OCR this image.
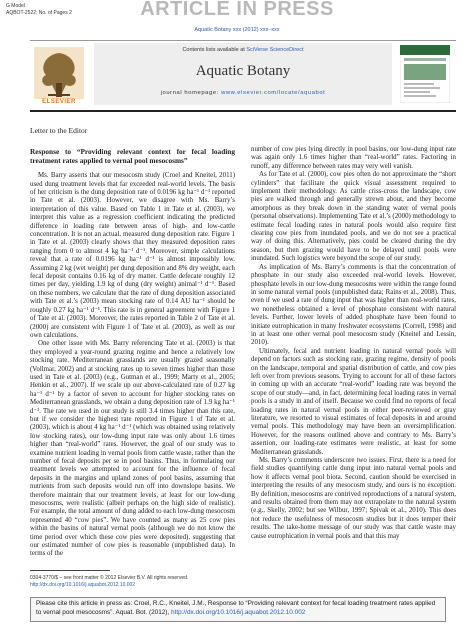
G Model
AQBOT-2522; No. of Pages 2	ARTICLE IN PRESS
Aquatic Botany xxx (2012) xxx–xxx
ELSEVIER
Contents lists available at SciVerse ScienceDirect
Aquatic Botany
journal homepage: www.elsevier.com/locate/aquabot
Letter to the Editor

Response to “Providing relevant context for fecal loading treatment rates applied to vernal pool mesocosms”

Ms. Barry asserts that our mesocosm study (Croel and Kneitel, 2011) used dung treatment levels that far exceeded real-world levels. The basis of her criticism is the dung deposition rate of 0.0196 kg ha⁻¹ d⁻¹ reported in Tate et al. (2003). However, we disagree with Ms. Barry’s interpretation of this value. Based on Table 1 in Tate et al. (2003), we interpret this value as a regression coefficient indicating the predicted difference in loading rate between areas of high- and low-cattle concentration. It is not an actual, measured dung deposition rate. Figure 1 in Tate et al. (2003) clearly shows that they measured deposition rates ranging from 0 to almost 4 kg ha⁻¹ d⁻¹. Moreover, simple calculations reveal that a rate of 0.0196 kg ha⁻¹ d⁻¹ is almost impossibly low. Assuming 2 kg (wet weight) per dung deposition and 8% dry weight, each fecal deposit contains 0.16 kg of dry matter. Cattle defecate roughly 12 times per day, yielding 1.9 kg of dung (dry weight) animal⁻¹ d⁻¹. Based on these numbers, we calculate that the rate of dung deposition associated with Tate et al.’s (2003) mean stocking rate of 0.14 AU ha⁻¹ should be roughly 0.27 kg ha⁻¹ d⁻¹. This rate is in general agreement with Figure 1 of Tate et al. (2003). Moreover, the rates reported in Table 2 of Tate et al. (2000) are consistent with Figure 1 of Tate et al. (2003), as well as our own calculations.

One other issue with Ms. Barry referencing Tate et al. (2003) is that they employed a year-round grazing regime and hence a relatively low stocking rate. Mediterranean grasslands are usually grazed seasonally (Vollmar, 2002) and at stocking rates up to seven times higher than those used in Tate et al. (2003) (e.g., Gutman et al., 1999; Marty et al., 2005; Henkin et al., 2007). If we scale up our above-calculated rate of 0.27 kg ha⁻¹ d⁻¹ by a factor of seven to account for higher stocking rates on Mediterranean grasslands, we obtain a dung deposition rate of 1.9 kg ha⁻¹ d⁻¹. The rate we used in our study is still 3.4 times higher than this rate, but if we consider the highest rate reported in Figure 1 of Tate et al. (2003), which is about 4 kg ha⁻¹ d⁻¹ (which was obtained using relatively low stocking rates), our low-dung input rate was only about 1.6 times higher than “real-world” rates. However, the goal of our study was to examine nutrient loading in vernal pools from cattle waste, rather than the number of fecal deposits per se in pool basins. Thus, in formulating our treatment levels we attempted to account for the influence of fecal deposits in the margins and upland zones of pool basins, assuming that nutrients from such deposits would run off into downslope basins. We therefore maintain that our treatment levels, at least for our low-dung mesocosms, were realistic (albeit perhaps on the high side of realistic). For example, the total amount of dung added to each low-dung mesocosm represented 40 “cow pies”. We have counted as many as 25 cow pies within the basins of natural vernal pools (although we do not know the time period over which these cow pies were deposited), suggesting that our estimated number of cow pies is reasonable (unpublished data). In terms of the

number of cow pies lying directly in pool basins, our low-dung input rate was again only 1.6 times higher than “real-world” rates. Factoring in runoff, any difference between rates may very well vanish.

As for Tate et al. (2000), cow pies often do not approximate the “short cylinders” that facilitate the quick visual assessment required to implement their methodology. As cattle criss-cross the landscape, cow pies are walked through and generally strewn about, and they become amorphous as they break down in the standing water of vernal pools (personal observations). Implementing Tate et al.’s (2000) methodology to estimate fecal loading rates in natural pools would also require first clearing cow pies from inundated pools, and we do not see a practical way of doing this. Alternatively, pies could be cleared during the dry season, but then grazing would have to be delayed until pools were inundated. Such logistics were beyond the scope of our study.

As implication of Ms. Barry’s comments is that the concentration of phosphate in our study also exceeded real-world levels. However, phosphate levels in our low-dung mesocosms were within the range found in some natural vernal pools (unpublished data; Rains et al., 2008). Thus, even if we used a rate of dung input that was higher than real-world rates, we nonetheless obtained a level of phosphate consistent with natural levels. Further, lower levels of added phosphate have been found to initiate eutrophication in many freshwater ecosystems (Correll, 1998) and in at least one other vernal pool mesocosm study (Kneitel and Lessin, 2010).

Ultimately, fecal and nutrient loading in natural vernal pools will depend on factors such as stocking rate, grazing regime, density of pools on the landscape, temporal and spatial distribution of cattle, and cow pies left over from previous seasons. Trying to account for all of these factors in coming up with an accurate “real-world” loading rate was beyond the scope of our study—and, in fact, determining fecal loading rates in vernal pools is a study in and of itself. Because we could find no reports of fecal loading rates in natural vernal pools in either peer-reviewed or gray literature, we resorted to visual estimates of fecal deposits in and around vernal pools. This methodology may have been an oversimplification. However, for the reasons outlined above and contrary to Ms. Barry’s assertion, our loading-rate estimates were realistic, at least for some Mediterranean grasslands.

Ms. Barry’s comments underscore two issues. First, there is a need for field studies quantifying cattle dung input into natural vernal pools and how it affects vernal pool biota. Second, caution should be exercised in interpreting the results of any mesocosm study, and ours is no exception. By definition, mesocosms are contrived reproductions of a natural system, and results obtained from them may not extrapolate to the natural system (e.g., Skelly, 2002; but see Wilbur, 1997; Spivak et al., 2010). This does not reduce the usefulness of mesocosm studies but it does temper their results. The take-home message of our study was that cattle waste may cause eutrophication in vernal pools and that this may

0304-3770/$ – see front matter © 2012 Elsevier B.V. All rights reserved.
http://dx.doi.org/10.1016/j.aquabot.2012.10.002
Please cite this article in press as: Croel, R.C., Kneitel, J.M., Response to “Providing relevant context for fecal loading treatment rates applied to vernal pool mesocosms”. Aquat. Bot. (2012), http://dx.doi.org/10.1016/j.aquabot.2012.10.002
